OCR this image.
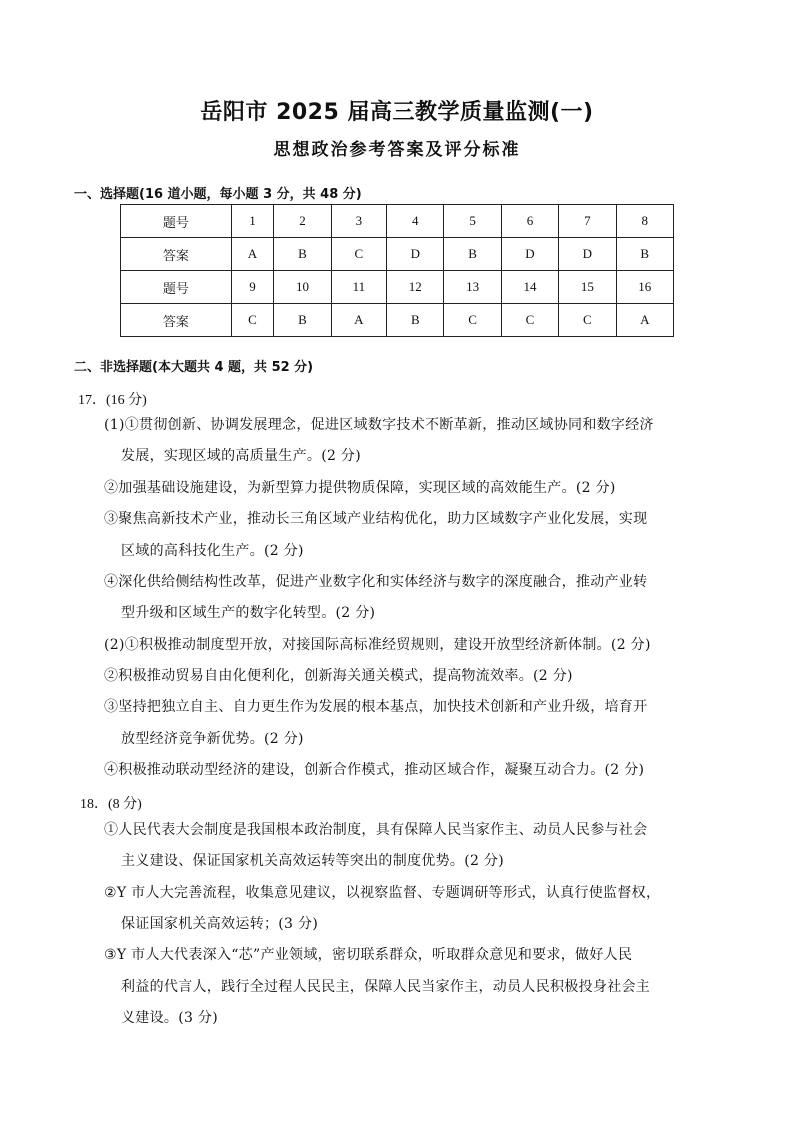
岳阳市 2025 届高三教学质量监测(一)
思想政治参考答案及评分标准
一、选择题(16 道小题，每小题 3 分，共 48 分)
题号	1	2	3	4	5	6	7	8
答案	A	B	C	D	B	D	D	B
题号	9	10	11	12	13	14	15	16
答案	C	B	A	B	C	C	C	A
二、非选择题(本大题共 4 题，共 52 分)
17．(16 分)
(1)①贯彻创新、协调发展理念，促进区域数字技术不断革新，推动区域协同和数字经济
发展，实现区域的高质量生产。(2 分)
②加强基础设施建设，为新型算力提供物质保障，实现区域的高效能生产。(2 分)
③聚焦高新技术产业，推动长三角区域产业结构优化，助力区域数字产业化发展，实现
区域的高科技化生产。(2 分)
④深化供给侧结构性改革，促进产业数字化和实体经济与数字的深度融合，推动产业转
型升级和区域生产的数字化转型。(2 分)
(2)①积极推动制度型开放，对接国际高标准经贸规则，建设开放型经济新体制。(2 分)
②积极推动贸易自由化便利化，创新海关通关模式，提高物流效率。(2 分)
③坚持把独立自主、自力更生作为发展的根本基点，加快技术创新和产业升级，培育开
放型经济竞争新优势。(2 分)
④积极推动联动型经济的建设，创新合作模式，推动区域合作，凝聚互动合力。(2 分)
18．(8 分)
①人民代表大会制度是我国根本政治制度，具有保障人民当家作主、动员人民参与社会
主义建设、保证国家机关高效运转等突出的制度优势。(2 分)
②Y 市人大完善流程，收集意见建议，以视察监督、专题调研等形式，认真行使监督权，
保证国家机关高效运转；(3 分)
③Y 市人大代表深入“芯”产业领域，密切联系群众，听取群众意见和要求，做好人民
利益的代言人，践行全过程人民民主，保障人民当家作主，动员人民积极投身社会主
义建设。(3 分)
